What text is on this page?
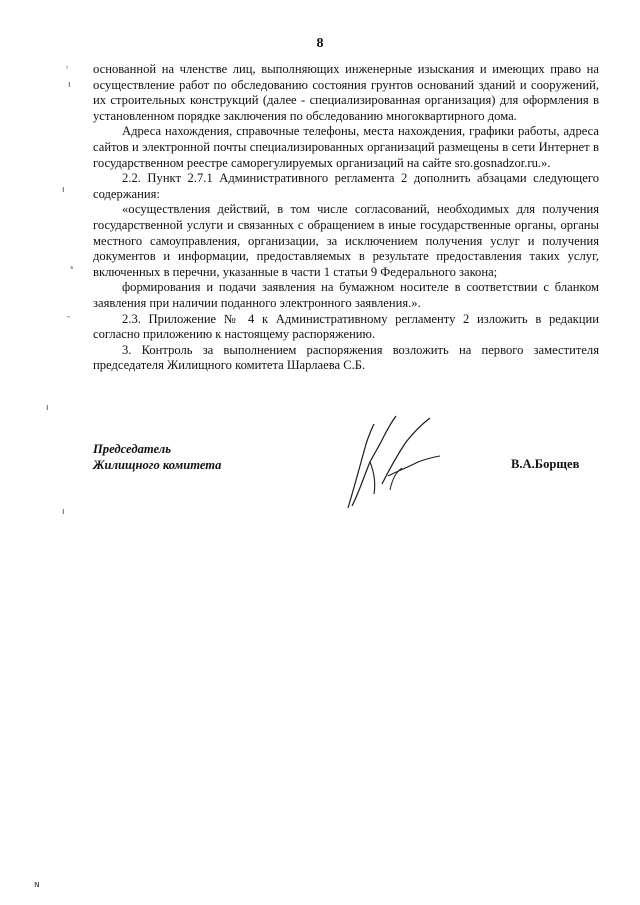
8

основанной на членстве лиц, выполняющих инженерные изыскания и имеющих право на осуществление работ по обследованию состояния грунтов оснований зданий и сооружений, их строительных конструкций (далее - специализированная организация) для оформления в установленном порядке заключения по обследованию многоквартирного дома.

Адреса нахождения, справочные телефоны, места нахождения, графики работы, адреса сайтов и электронной почты специализированных организаций размещены в сети Интернет в государственном реестре саморегулируемых организаций на сайте sro.gosnadzor.ru.».

2.2. Пункт 2.7.1 Административного регламента 2 дополнить абзацами следующего содержания:

«осуществления действий, в том числе согласований, необходимых для получения государственной услуги и связанных с обращением в иные государственные органы, органы местного самоуправления, организации, за исключением получения услуг и получения документов и информации, предоставляемых в результате предоставления таких услуг, включенных в перечни, указанные в части 1 статьи 9 Федерального закона;

формирования и подачи заявления на бумажном носителе в соответствии с бланком заявления при наличии поданного электронного заявления.».

2.3. Приложение № 4 к Административному регламенту 2 изложить в редакции согласно приложению к настоящему распоряжению.

3. Контроль за выполнением распоряжения возложить на первого заместителя председателя Жилищного комитета Шарлаева С.Б.

Председатель
Жилищного комитета	В.А.Борщев
ʿ
ı
ı
ˢ
-
ı
ı
ɴ
